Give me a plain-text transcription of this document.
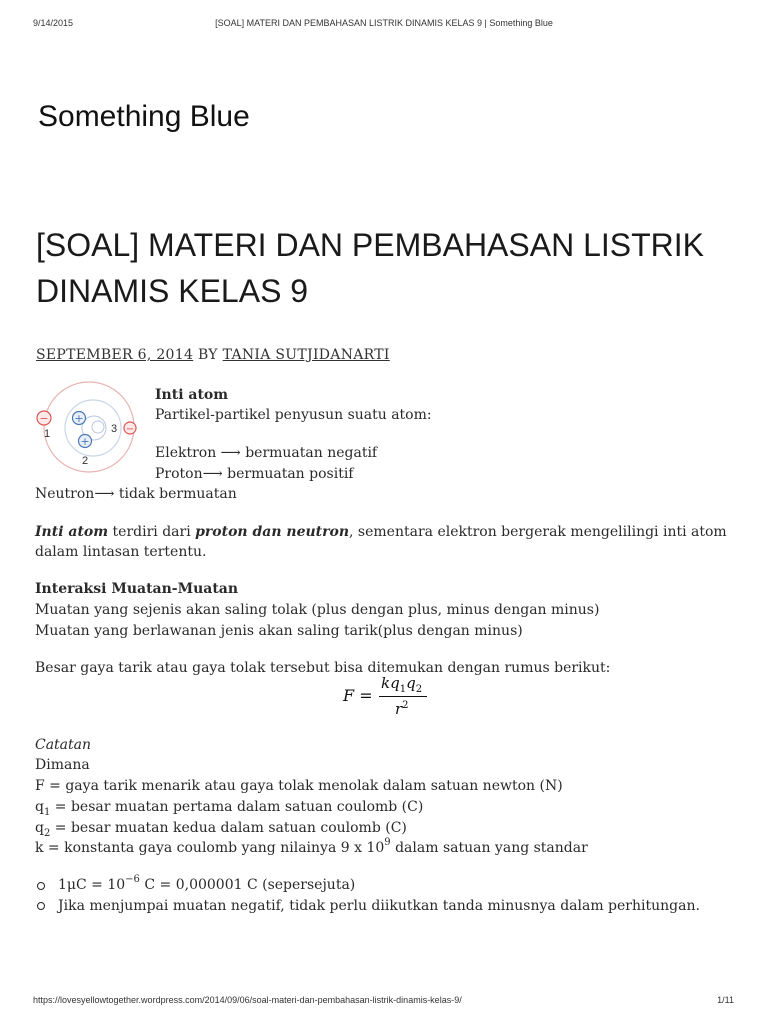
9/14/2015	[SOAL] MATERI DAN PEMBAHASAN LISTRIK DINAMIS KELAS 9 | Something Blue
Something Blue
[SOAL] MATERI DAN PEMBAHASAN LISTRIK
DINAMIS KELAS 9
SEPTEMBER 6, 2014 BY TANIA SUTJIDANARTI
−
−
+
+
1
2
3
Inti atom
Partikel-partikel penyusun suatu atom:
Elektron ⟶ bermuatan negatif
Proton⟶ bermuatan positif
Neutron⟶ tidak bermuatan
Inti atom terdiri dari proton dan neutron, sementara elektron bergerak mengelilingi inti atom
dalam lintasan tertentu.
Interaksi Muatan-Muatan
Muatan yang sejenis akan saling tolak (plus dengan plus, minus dengan minus)
Muatan yang berlawanan jenis akan saling tarik(plus dengan minus)
Besar gaya tarik atau gaya tolak tersebut bisa ditemukan dengan rumus berikut:
F =
$kq_1q_2$
$r^2$
Catatan
Dimana
F = gaya tarik menarik atau gaya tolak menolak dalam satuan newton (N)
$q_1$ = besar muatan pertama dalam satuan coulomb (C)
$q_2$ = besar muatan kedua dalam satuan coulomb (C)
k = konstanta gaya coulomb yang nilainya 9 x $10^9$ dalam satuan yang standar
$1\mu C = 10^{-6}$ C = 0,000001 C (sepersejuta)
Jika menjumpai muatan negatif, tidak perlu diikutkan tanda minusnya dalam perhitungan.
https://lovesyellowtogether.wordpress.com/2014/09/06/soal-materi-dan-pembahasan-listrik-dinamis-kelas-9/	1/11
